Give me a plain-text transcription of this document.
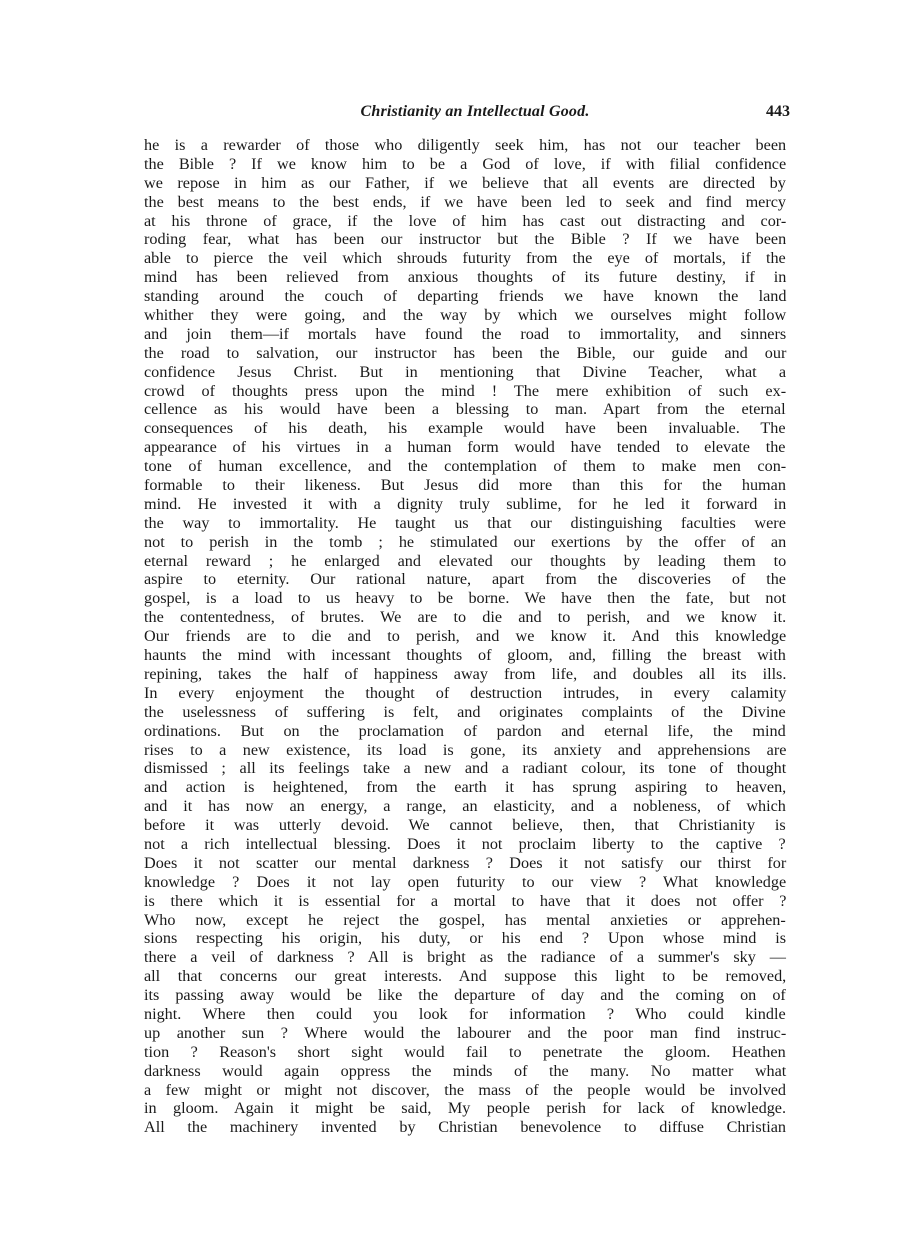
Christianity an Intellectual Good.	443
he is a rewarder of those who diligently seek him, has not our teacher been
the Bible ? If we know him to be a God of love, if with filial confidence
we repose in him as our Father, if we believe that all events are directed by
the best means to the best ends, if we have been led to seek and find mercy
at his throne of grace, if the love of him has cast out distracting and cor-
roding fear, what has been our instructor but the Bible ? If we have been
able to pierce the veil which shrouds futurity from the eye of mortals, if the
mind has been relieved from anxious thoughts of its future destiny, if in
standing around the couch of departing friends we have known the land
whither they were going, and the way by which we ourselves might follow
and join them—if mortals have found the road to immortality, and sinners
the road to salvation, our instructor has been the Bible, our guide and our
confidence Jesus Christ. But in mentioning that Divine Teacher, what a
crowd of thoughts press upon the mind ! The mere exhibition of such ex-
cellence as his would have been a blessing to man. Apart from the eternal
consequences of his death, his example would have been invaluable. The
appearance of his virtues in a human form would have tended to elevate the
tone of human excellence, and the contemplation of them to make men con-
formable to their likeness. But Jesus did more than this for the human
mind. He invested it with a dignity truly sublime, for he led it forward in
the way to immortality. He taught us that our distinguishing faculties were
not to perish in the tomb ; he stimulated our exertions by the offer of an
eternal reward ; he enlarged and elevated our thoughts by leading them to
aspire to eternity. Our rational nature, apart from the discoveries of the
gospel, is a load to us heavy to be borne. We have then the fate, but not
the contentedness, of brutes. We are to die and to perish, and we know it.
Our friends are to die and to perish, and we know it. And this knowledge
haunts the mind with incessant thoughts of gloom, and, filling the breast with
repining, takes the half of happiness away from life, and doubles all its ills.
In every enjoyment the thought of destruction intrudes, in every calamity
the uselessness of suffering is felt, and originates complaints of the Divine
ordinations. But on the proclamation of pardon and eternal life, the mind
rises to a new existence, its load is gone, its anxiety and apprehensions are
dismissed ; all its feelings take a new and a radiant colour, its tone of thought
and action is heightened, from the earth it has sprung aspiring to heaven,
and it has now an energy, a range, an elasticity, and a nobleness, of which
before it was utterly devoid. We cannot believe, then, that Christianity is
not a rich intellectual blessing. Does it not proclaim liberty to the captive ?
Does it not scatter our mental darkness ? Does it not satisfy our thirst for
knowledge ? Does it not lay open futurity to our view ? What knowledge
is there which it is essential for a mortal to have that it does not offer ?
Who now, except he reject the gospel, has mental anxieties or apprehen-
sions respecting his origin, his duty, or his end ? Upon whose mind is
there a veil of darkness ? All is bright as the radiance of a summer's sky —
all that concerns our great interests. And suppose this light to be removed,
its passing away would be like the departure of day and the coming on of
night. Where then could you look for information ? Who could kindle
up another sun ? Where would the labourer and the poor man find instruc-
tion ? Reason's short sight would fail to penetrate the gloom. Heathen
darkness would again oppress the minds of the many. No matter what
a few might or might not discover, the mass of the people would be involved
in gloom. Again it might be said, My people perish for lack of knowledge.
All the machinery invented by Christian benevolence to diffuse Christian
